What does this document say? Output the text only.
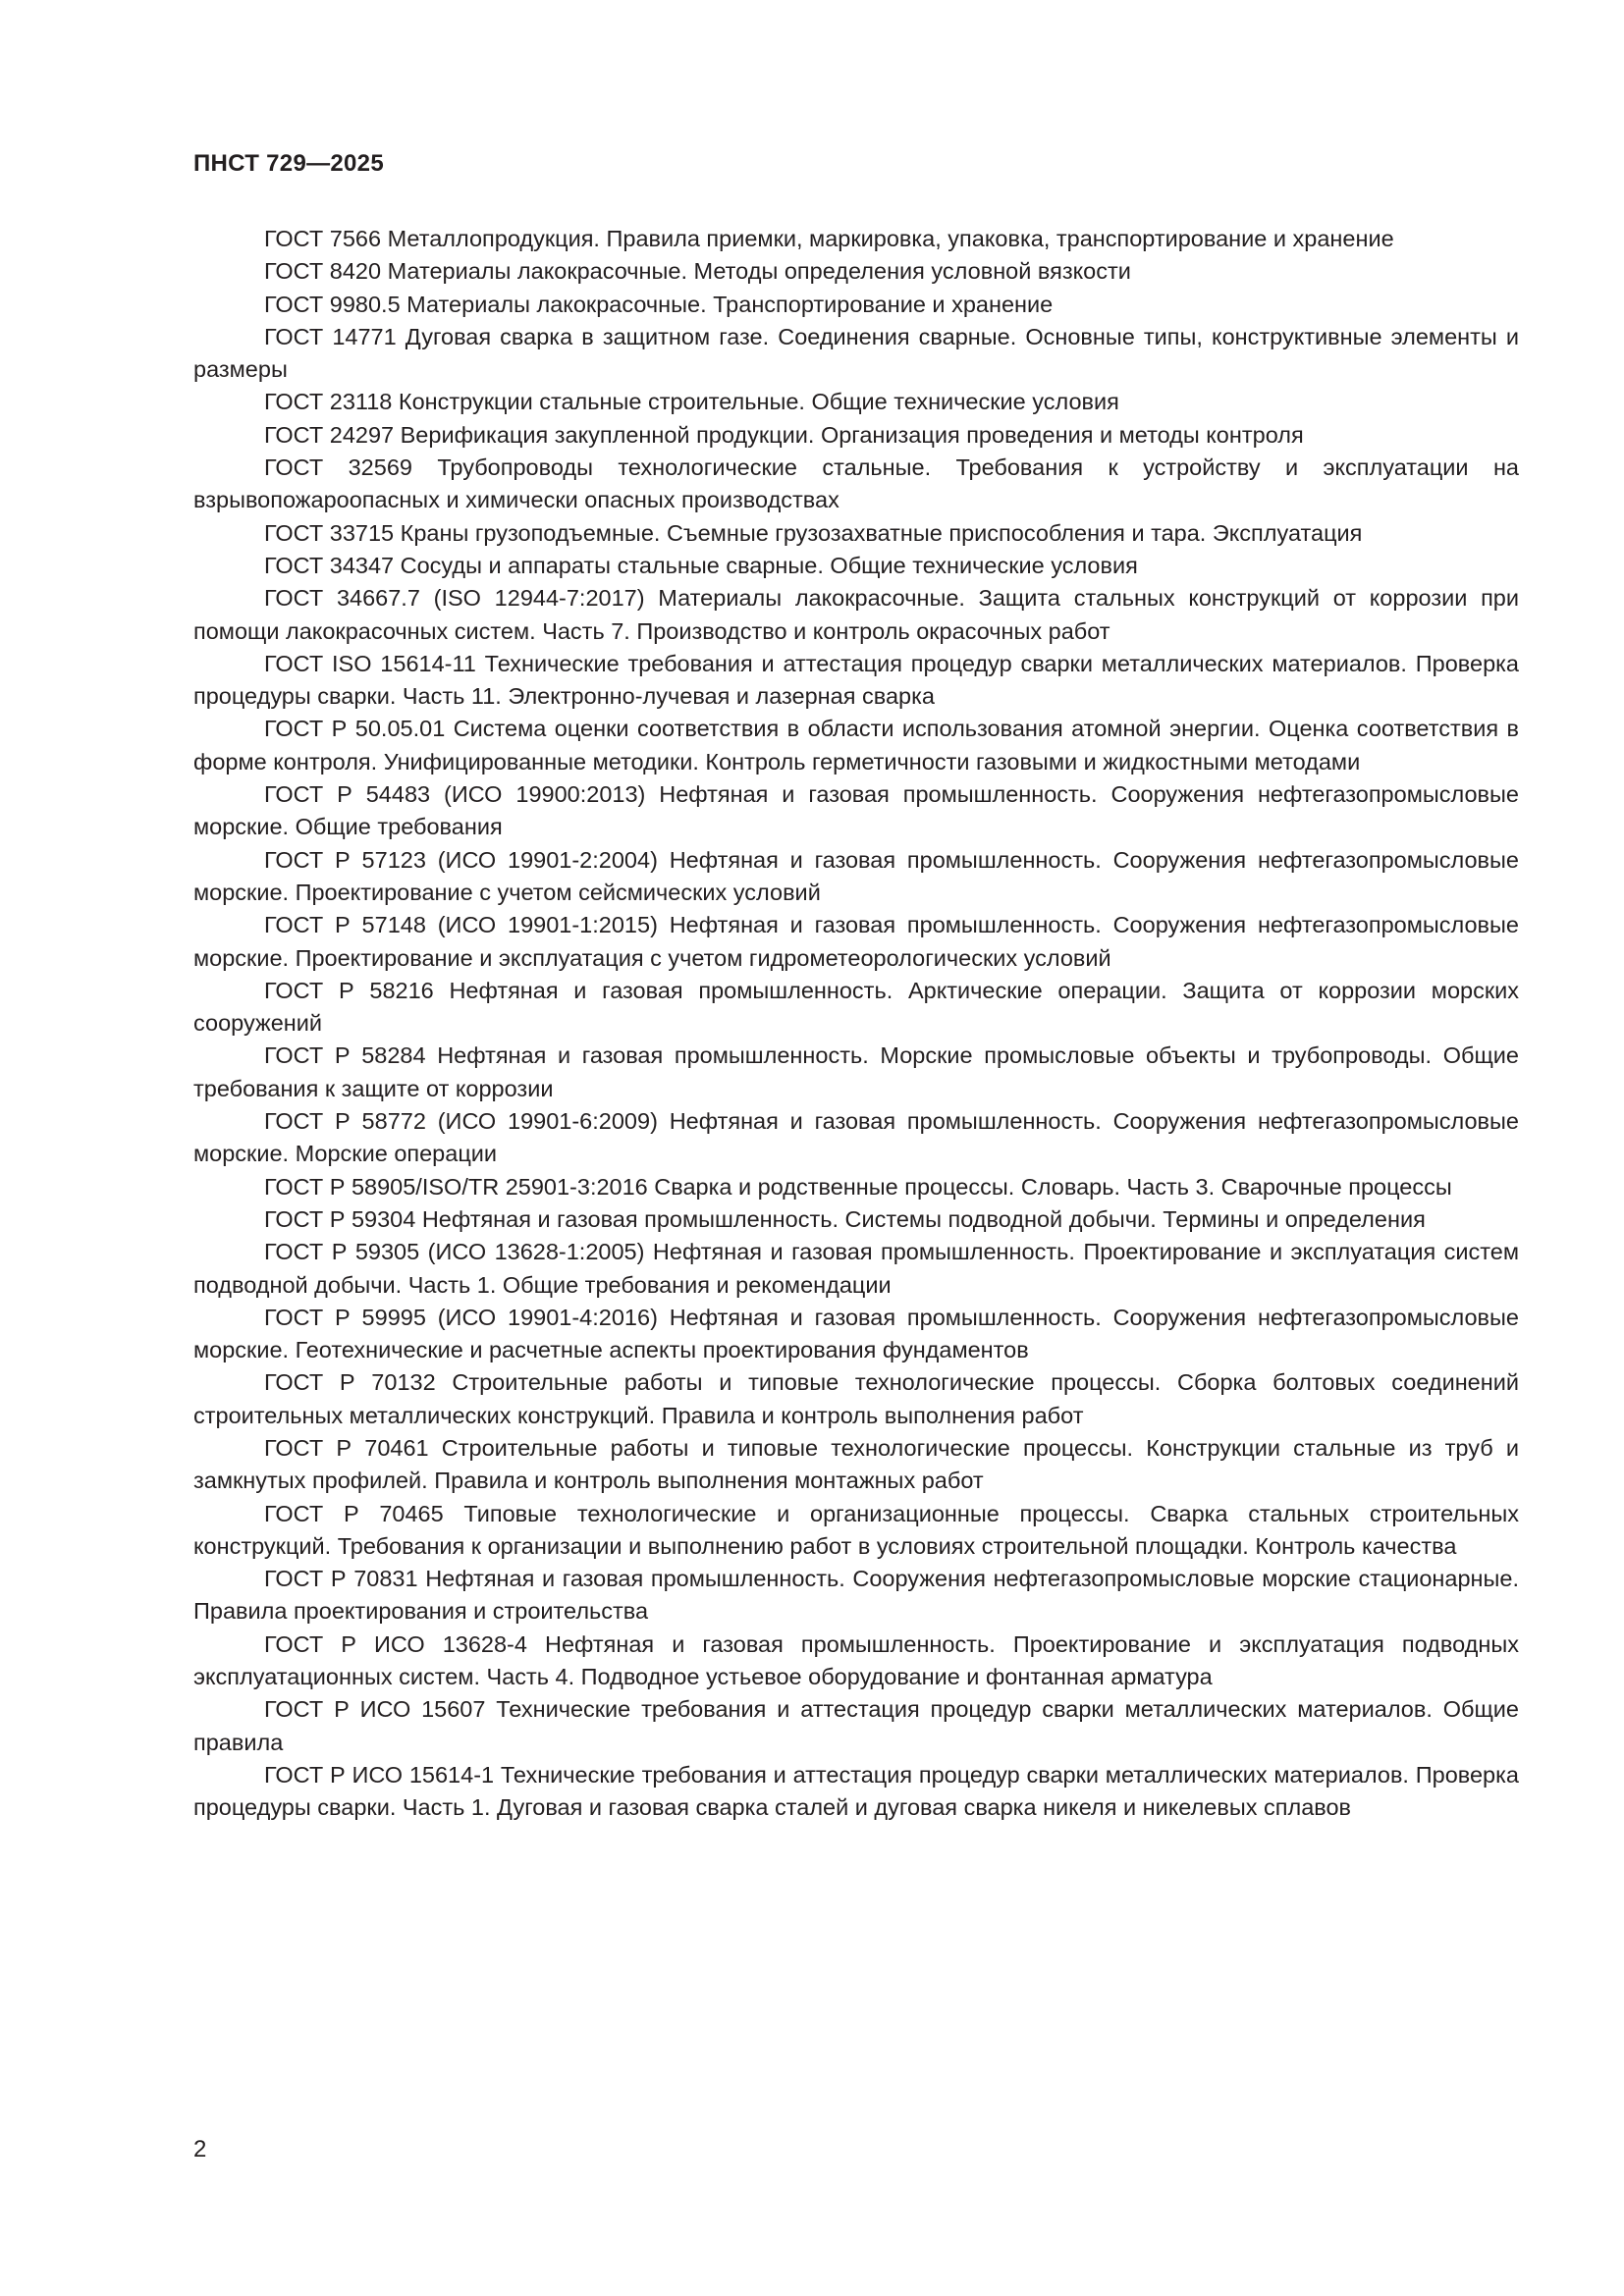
ПНСТ 729—2025

ГОСТ 7566 Металлопродукция. Правила приемки, маркировка, упаковка, транспортирование и хранение

ГОСТ 8420 Материалы лакокрасочные. Методы определения условной вязкости

ГОСТ 9980.5 Материалы лакокрасочные. Транспортирование и хранение

ГОСТ 14771 Дуговая сварка в защитном газе. Соединения сварные. Основные типы, конструктивные элементы и размеры

ГОСТ 23118 Конструкции стальные строительные. Общие технические условия

ГОСТ 24297 Верификация закупленной продукции. Организация проведения и методы контроля

ГОСТ 32569 Трубопроводы технологические стальные. Требования к устройству и эксплуатации на взрывопожароопасных и химически опасных производствах

ГОСТ 33715 Краны грузоподъемные. Съемные грузозахватные приспособления и тара. Эксплуатация

ГОСТ 34347 Сосуды и аппараты стальные сварные. Общие технические условия

ГОСТ 34667.7 (ISO 12944-7:2017) Материалы лакокрасочные. Защита стальных конструкций от коррозии при помощи лакокрасочных систем. Часть 7. Производство и контроль окрасочных работ

ГОСТ ISO 15614-11 Технические требования и аттестация процедур сварки металлических материалов. Проверка процедуры сварки. Часть 11. Электронно-лучевая и лазерная сварка

ГОСТ Р 50.05.01 Система оценки соответствия в области использования атомной энергии. Оценка соответствия в форме контроля. Унифицированные методики. Контроль герметичности газовыми и жидкостными методами

ГОСТ Р 54483 (ИСО 19900:2013) Нефтяная и газовая промышленность. Сооружения нефтегазопромысловые морские. Общие требования

ГОСТ Р 57123 (ИСО 19901-2:2004) Нефтяная и газовая промышленность. Сооружения нефтегазопромысловые морские. Проектирование с учетом сейсмических условий

ГОСТ Р 57148 (ИСО 19901-1:2015) Нефтяная и газовая промышленность. Сооружения нефтегазопромысловые морские. Проектирование и эксплуатация с учетом гидрометеорологических условий

ГОСТ Р 58216 Нефтяная и газовая промышленность. Арктические операции. Защита от коррозии морских сооружений

ГОСТ Р 58284 Нефтяная и газовая промышленность. Морские промысловые объекты и трубопроводы. Общие требования к защите от коррозии

ГОСТ Р 58772 (ИСО 19901-6:2009) Нефтяная и газовая промышленность. Сооружения нефтегазопромысловые морские. Морские операции

ГОСТ Р 58905/ISO/TR 25901-3:2016 Сварка и родственные процессы. Словарь. Часть 3. Сварочные процессы

ГОСТ Р 59304 Нефтяная и газовая промышленность. Системы подводной добычи. Термины и определения

ГОСТ Р 59305 (ИСО 13628-1:2005) Нефтяная и газовая промышленность. Проектирование и эксплуатация систем подводной добычи. Часть 1. Общие требования и рекомендации

ГОСТ Р 59995 (ИСО 19901-4:2016) Нефтяная и газовая промышленность. Сооружения нефтегазопромысловые морские. Геотехнические и расчетные аспекты проектирования фундаментов

ГОСТ Р 70132 Строительные работы и типовые технологические процессы. Сборка болтовых соединений строительных металлических конструкций. Правила и контроль выполнения работ

ГОСТ Р 70461 Строительные работы и типовые технологические процессы. Конструкции стальные из труб и замкнутых профилей. Правила и контроль выполнения монтажных работ

ГОСТ Р 70465 Типовые технологические и организационные процессы. Сварка стальных строительных конструкций. Требования к организации и выполнению работ в условиях строительной площадки. Контроль качества

ГОСТ Р 70831 Нефтяная и газовая промышленность. Сооружения нефтегазопромысловые морские стационарные. Правила проектирования и строительства

ГОСТ Р ИСО 13628-4 Нефтяная и газовая промышленность. Проектирование и эксплуатация подводных эксплуатационных систем. Часть 4. Подводное устьевое оборудование и фонтанная арматура

ГОСТ Р ИСО 15607 Технические требования и аттестация процедур сварки металлических материалов. Общие правила

ГОСТ Р ИСО 15614-1 Технические требования и аттестация процедур сварки металлических материалов. Проверка процедуры сварки. Часть 1. Дуговая и газовая сварка сталей и дуговая сварка никеля и никелевых сплавов

2
